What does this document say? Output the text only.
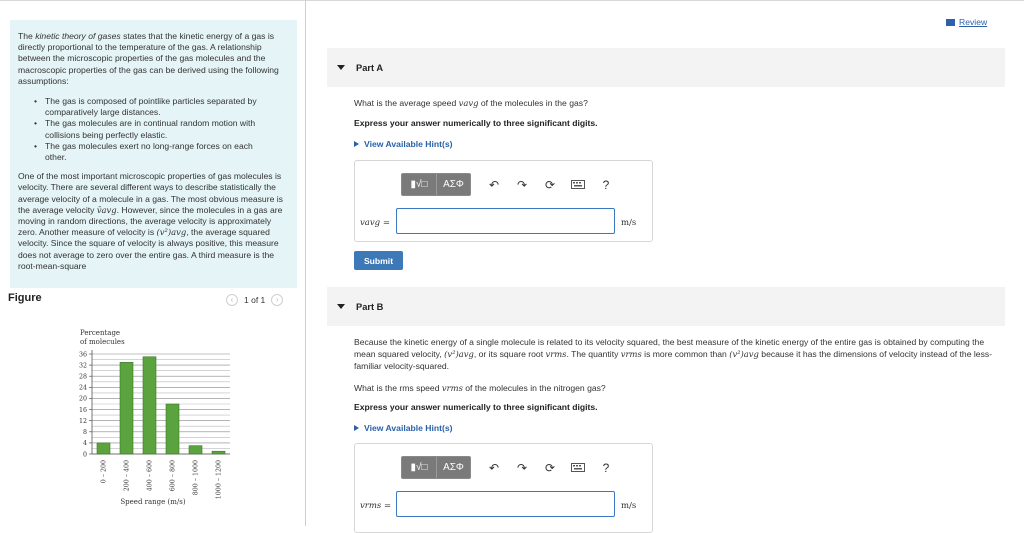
The kinetic theory of gases states that the kinetic energy of a gas is directly proportional to the temperature of the gas. A relationship between the microscopic properties of the gas molecules and the macroscopic properties of the gas can be derived using the following assumptions:

• The gas is composed of pointlike particles separated by comparatively large distances.
• The gas molecules are in continual random motion with collisions being perfectly elastic.
• The gas molecules exert no long-range forces on each other.

One of the most important microscopic properties of gas molecules is velocity. There are several different ways to describe statistically the average velocity of a molecule in a gas. The most obvious measure is the average velocity v̄avg. However, since the molecules in a gas are moving in random directions, the average velocity is approximately zero. Another measure of velocity is (v²)avg, the average squared velocity. Since the square of velocity is always positive, this measure does not average to zero over the entire gas. A third measure is the root-mean-square

Figure	‹	1 of 1	›
Percentage
of molecules
0
4
8
12
16
20
24
28
32
36
0 – 200	200 – 400	400 – 600	600 – 800	800 – 1000	1000 – 1200
Speed range (m/s)
Review
Part A
What is the average speed vavg of the molecules in the gas?
Express your answer numerically to three significant digits.
View Available Hint(s)
▮√□	ΑΣΦ	↶	↷	⟳	?
vavg =	m/s
Submit
Part B
Because the kinetic energy of a single molecule is related to its velocity squared, the best measure of the kinetic energy of the entire gas is obtained by computing the mean squared velocity, (v²)avg, or its square root vrms. The quantity vrms is more common than (v²)avg because it has the dimensions of velocity instead of the less-familiar velocity-squared.
What is the rms speed vrms of the molecules in the nitrogen gas?
Express your answer numerically to three significant digits.
View Available Hint(s)
▮√□	ΑΣΦ	↶	↷	⟳	?
vrms =	m/s
